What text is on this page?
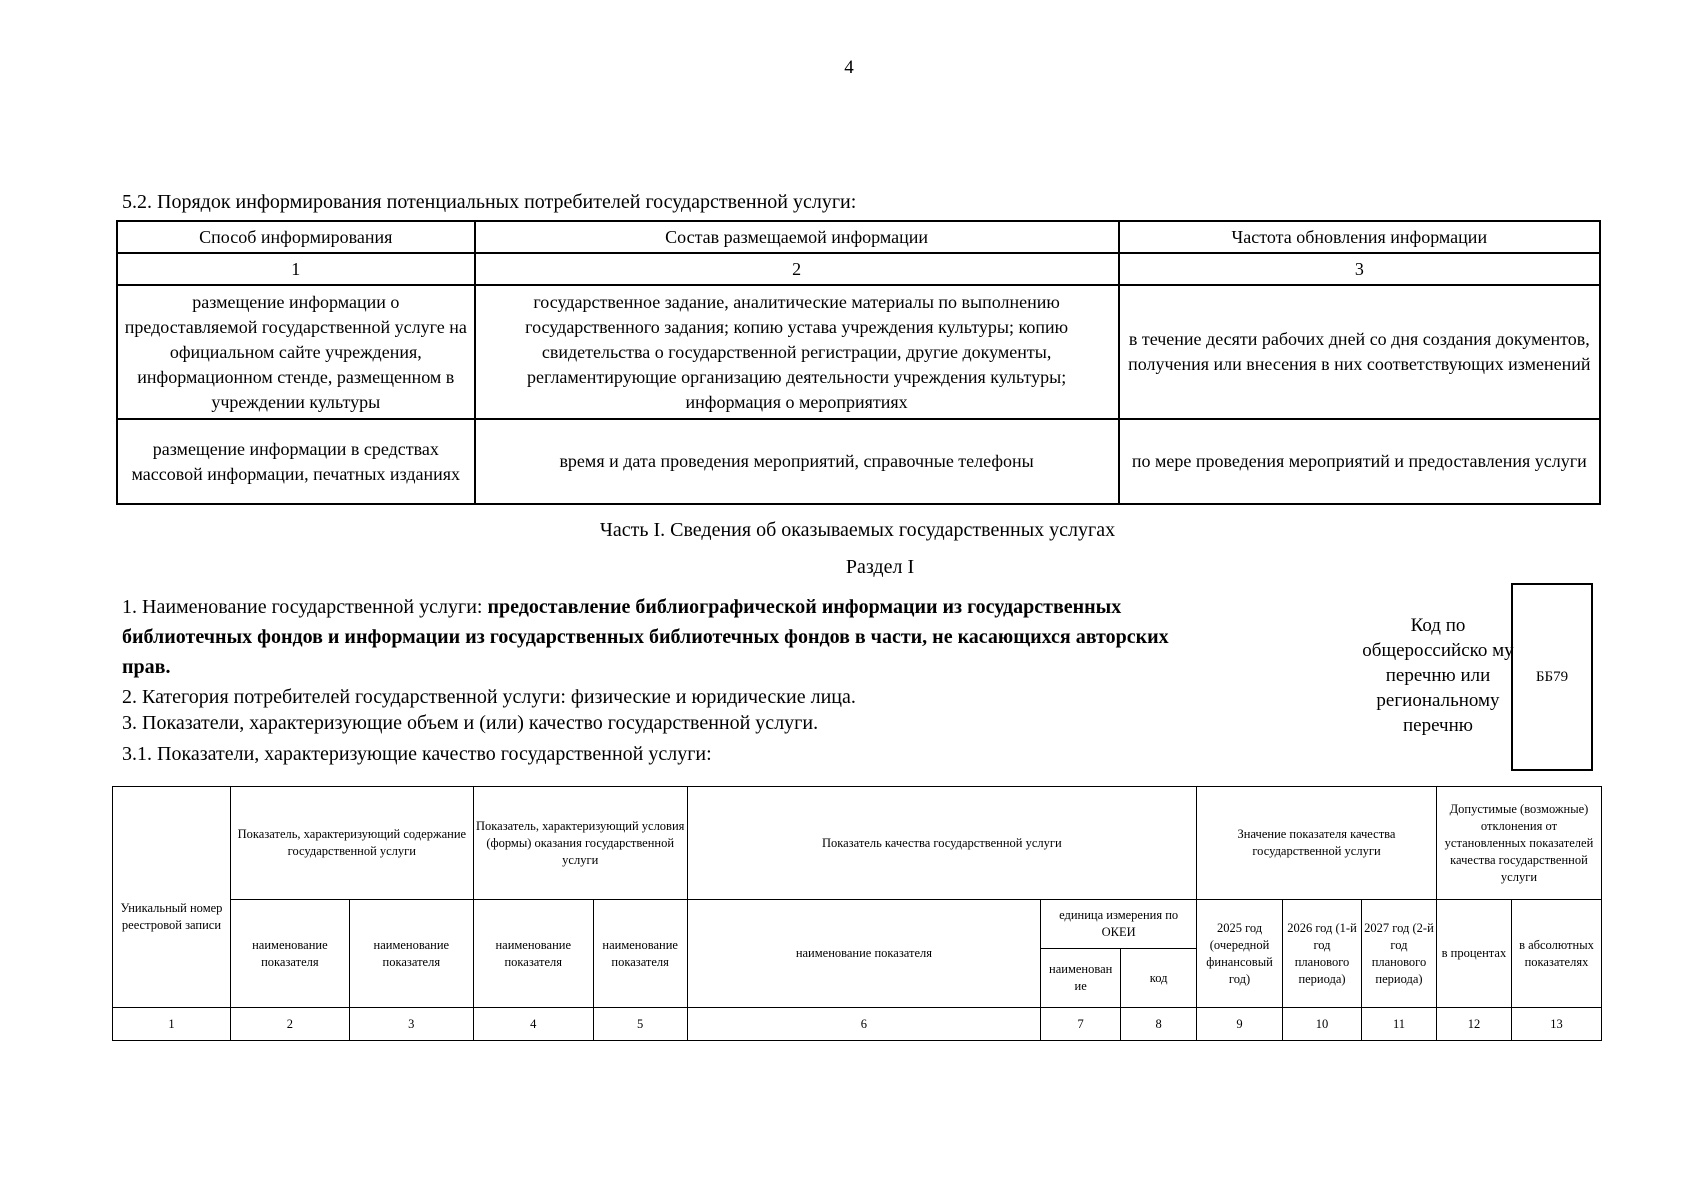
4
5.2. Порядок информирования потенциальных потребителей государственной услуги:
Способ информирования	Состав размещаемой информации	Частота обновления информации
1	2	3
размещение информации о предоставляемой государственной услуге на официальном сайте учреждения, информационном стенде, размещенном в учреждении культуры	государственное задание, аналитические материалы по выполнению государственного задания; копию устава учреждения культуры; копию свидетельства о государственной регистрации, другие документы, регламентирующие организацию деятельности учреждения культуры; информация о мероприятиях	в течение десяти рабочих дней со дня создания документов, получения или внесения в них соответствующих изменений
размещение информации в средствах массовой информации, печатных изданиях	время и дата проведения мероприятий, справочные телефоны	по мере проведения мероприятий и предоставления услуги
Часть I. Сведения об оказываемых государственных услугах
Раздел I
1. Наименование государственной услуги: предоставление библиографической информации из государственных библиотечных фондов и информации из государственных библиотечных фондов в части, не касающихся авторских прав.
2. Категория потребителей государственной услуги: физические и юридические лица.
3. Показатели, характеризующие объем и (или) качество государственной услуги.
3.1. Показатели, характеризующие качество государственной услуги:
Код по общероссийско му перечню или региональному перечню
ББ79
Уникальный номер реестровой записи	Показатель, характеризующий содержание государственной услуги		Показатель, характеризующий условия (формы) оказания государственной услуги		Показатель качества государственной услуги			Значение показателя качества государственной услуги			Допустимые (возможные) отклонения от установленных показателей качества государственной услуги	
	наименование показателя	наименование показателя	наименование показателя	наименование показателя	наименование показателя	единица измерения по ОКЕИ		2025 год (очередной финансовый год)	2026 год (1-й год планового периода)	2027 год (2-й год планового периода)	в процентах	в абсолютных показателях
						наименован ие	код					
1	2	3	4	5	6	7	8	9	10	11	12	13
